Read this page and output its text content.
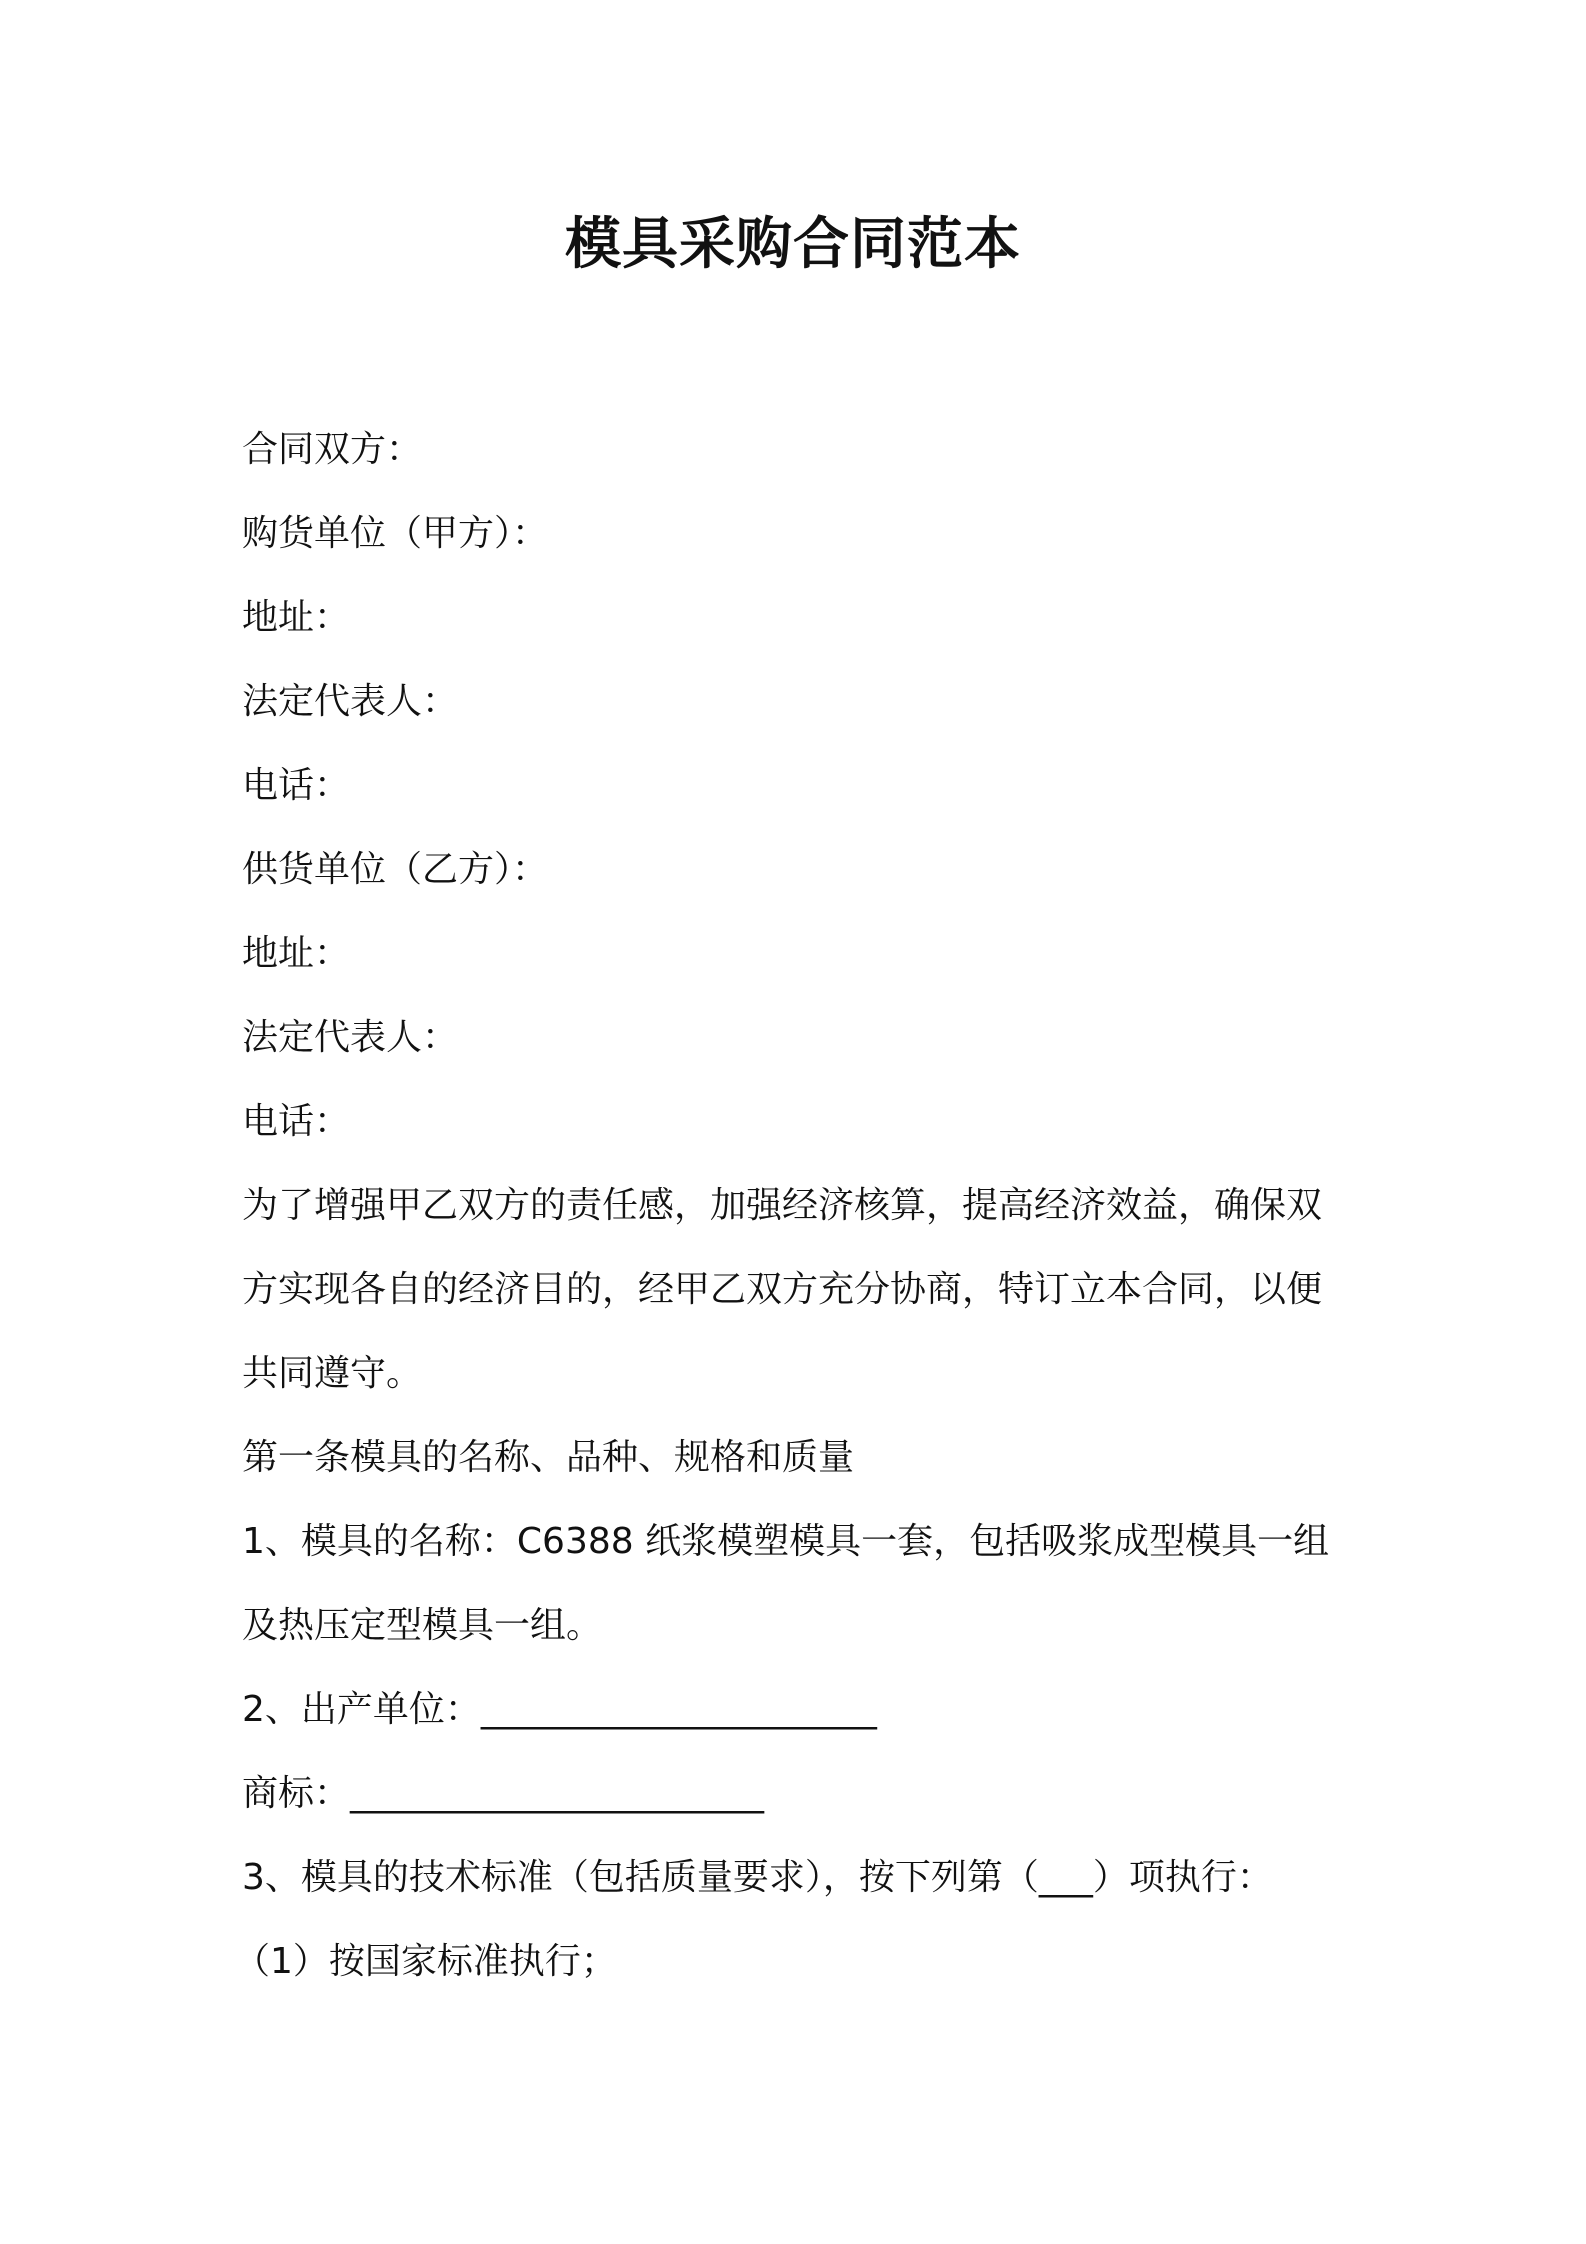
模具采购合同范本
合同双方：
购货单位（甲方）：
地址：
法定代表人：
电话：
供货单位（乙方）：
地址：
法定代表人：
电话：
为了增强甲乙双方的责任感，加强经济核算，提高经济效益，确保双
方实现各自的经济目的，经甲乙双方充分协商，特订立本合同，以便
共同遵守。
第一条模具的名称、品种、规格和质量
1、模具的名称：C6388 纸浆模塑模具一套，包括吸浆成型模具一组
及热压定型模具一组。
2、出产单位：______________________
商标：_______________________
3、模具的技术标准（包括质量要求），按下列第（___）项执行：
（1）按国家标准执行；
